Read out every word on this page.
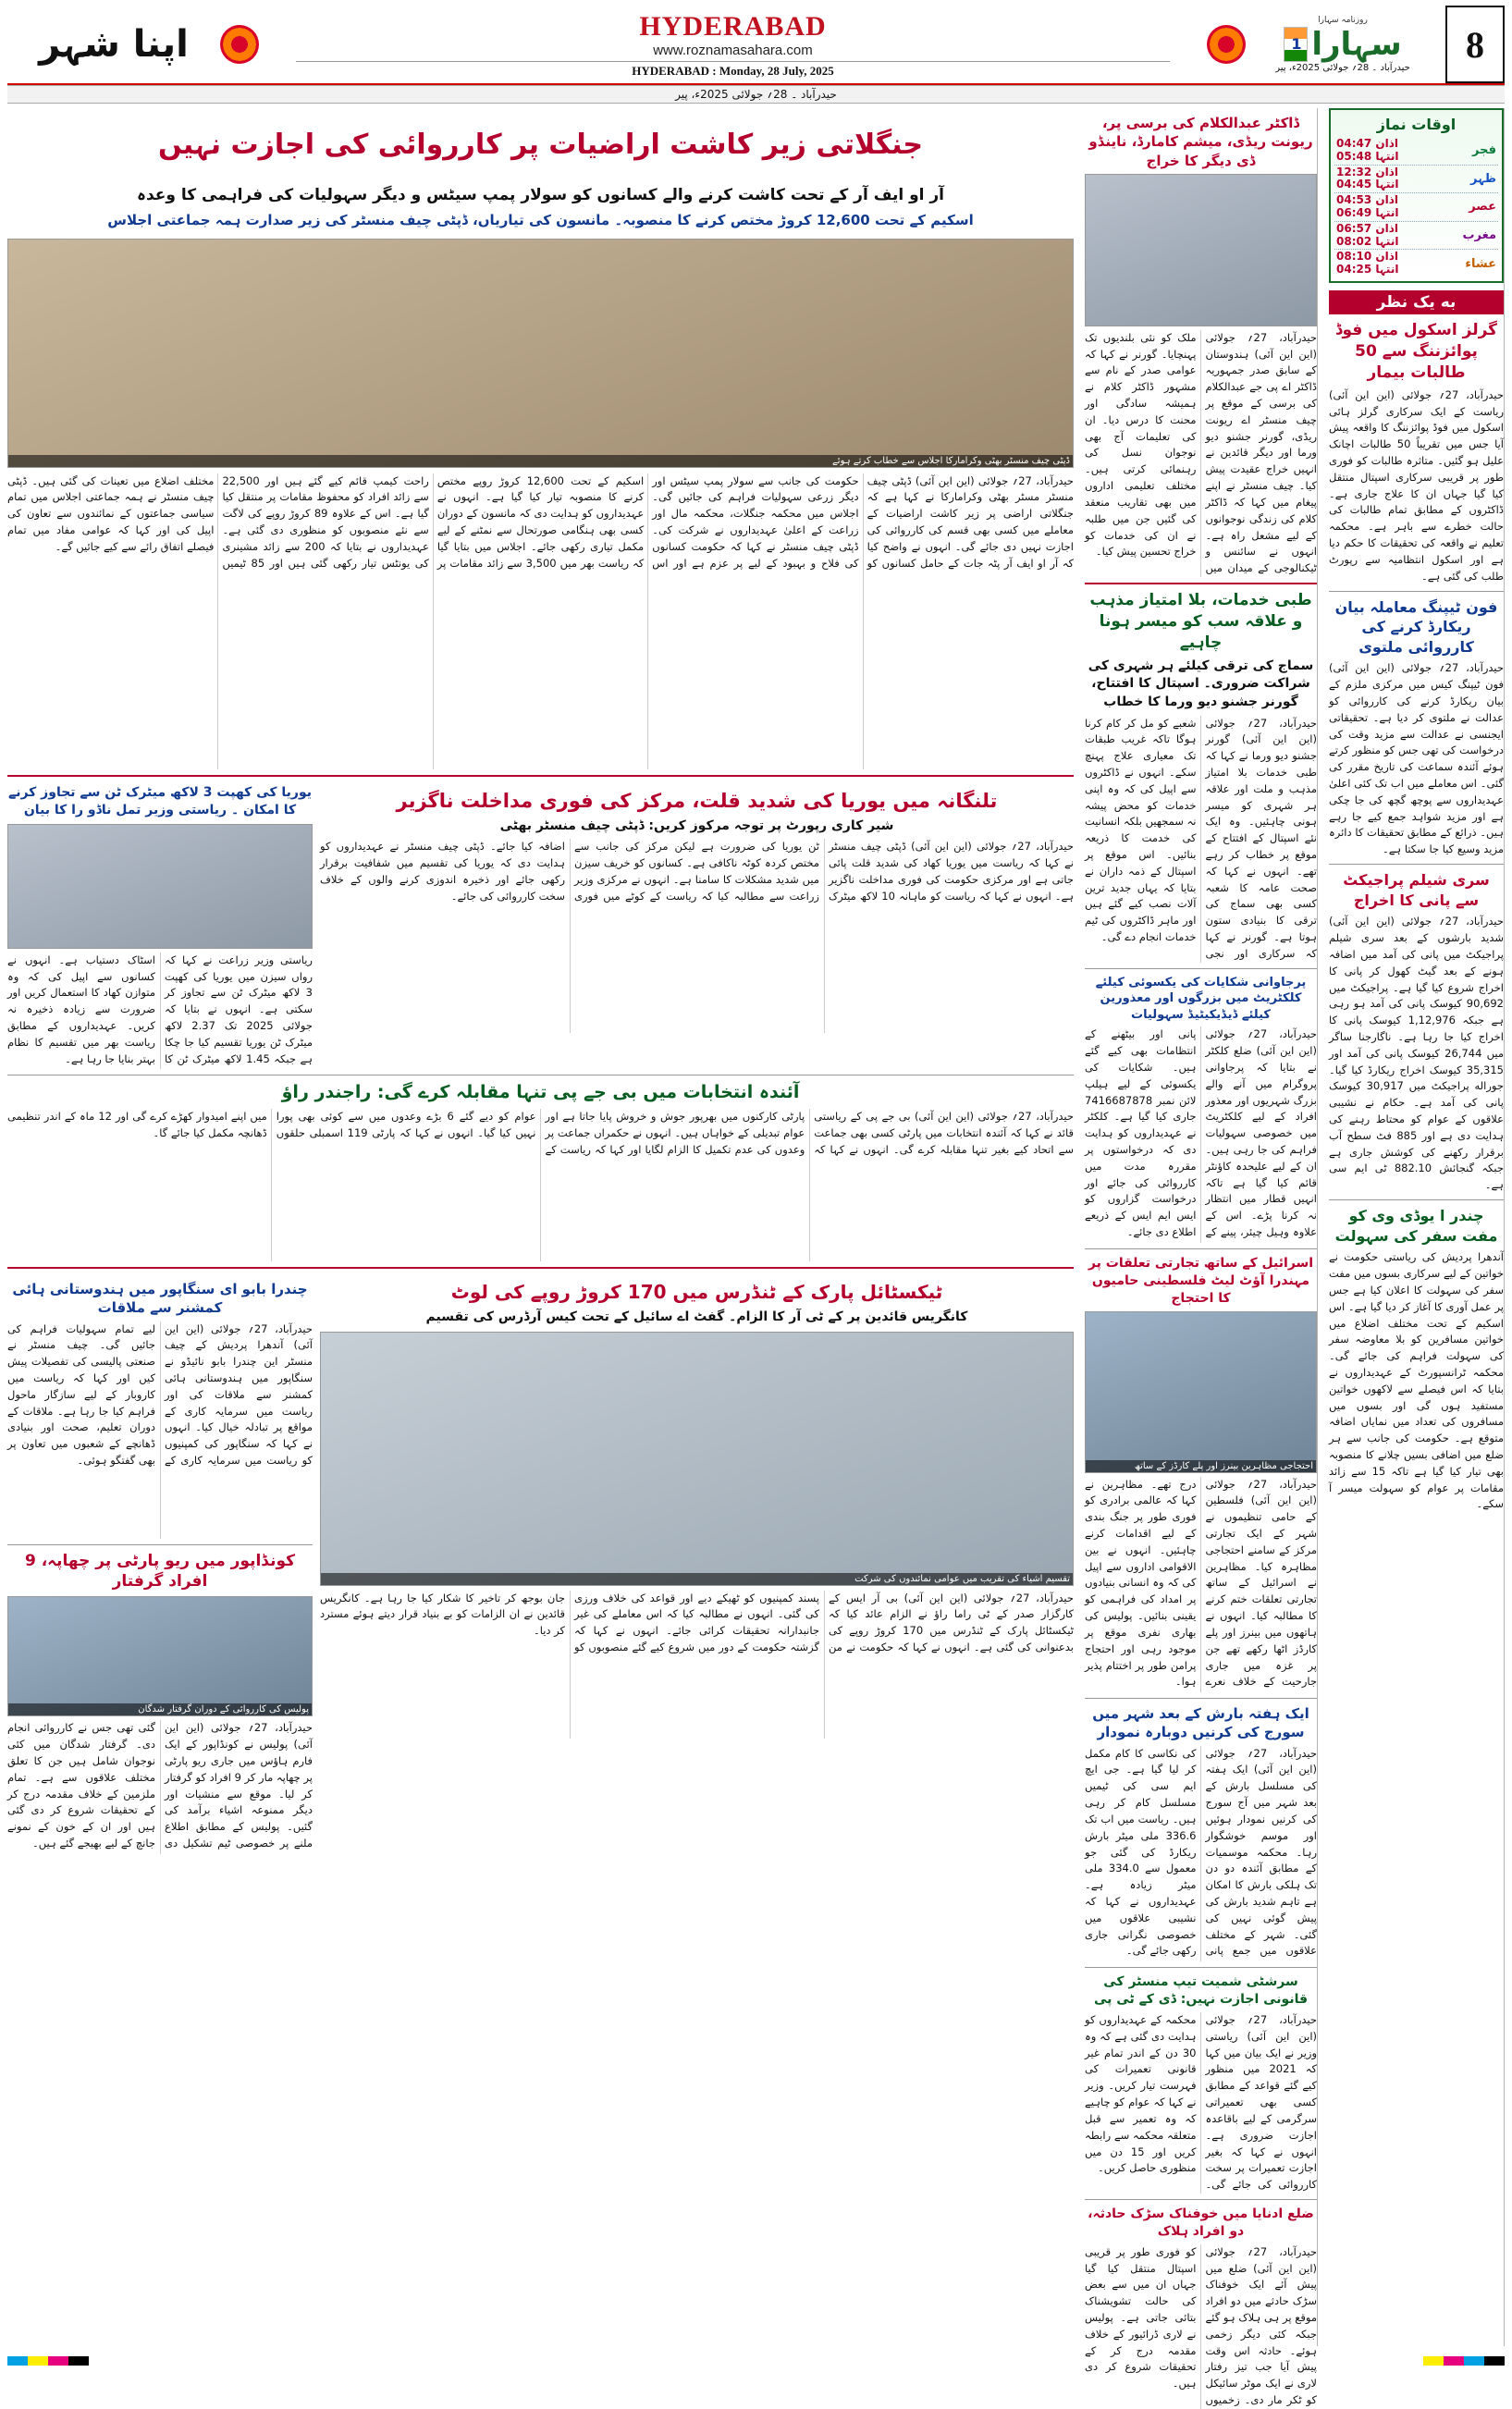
8
روزنامہ سہارا
سہارا
1
حیدرآباد ۔ 28؍ جولائی 2025ء، پیر
HYDERABAD
www.roznamasahara.com
HYDERABAD : Monday, 28 July, 2025
اپنا شہر
حیدرآباد ۔ 28؍ جولائی 2025ء، پیر
اوقات نماز
فجر
اذان 04:47
انتہا 05:48
ظہر
اذان 12:32
انتہا 04:45
عصر
اذان 04:53
انتہا 06:49
مغرب
اذان 06:57
انتہا 08:02
عشاء
اذان 08:10
انتہا 04:25
به یک نظر
گرلز اسکول میں فوڈ پوائزننگ سے 50 طالبات بیمار

حیدرآباد، 27؍ جولائی (این این آئی) ریاست کے ایک سرکاری گرلز ہائی اسکول میں فوڈ پوائزننگ کا واقعہ پیش آیا جس میں تقریباً 50 طالبات اچانک علیل ہو گئیں۔ متاثرہ طالبات کو فوری طور پر قریبی سرکاری اسپتال منتقل کیا گیا جہاں ان کا علاج جاری ہے۔ ڈاکٹروں کے مطابق تمام طالبات کی حالت خطرے سے باہر ہے۔ محکمہ تعلیم نے واقعہ کی تحقیقات کا حکم دیا ہے اور اسکول انتظامیہ سے رپورٹ طلب کی گئی ہے۔

فون ٹیپنگ معاملہ بیان ریکارڈ کرنے کی کارروائی ملتوی

حیدرآباد، 27؍ جولائی (این این آئی) فون ٹیپنگ کیس میں مرکزی ملزم کے بیان ریکارڈ کرنے کی کارروائی کو عدالت نے ملتوی کر دیا ہے۔ تحقیقاتی ایجنسی نے عدالت سے مزید وقت کی درخواست کی تھی جس کو منظور کرتے ہوئے آئندہ سماعت کی تاریخ مقرر کی گئی۔ اس معاملے میں اب تک کئی اعلیٰ عہدیداروں سے پوچھ گچھ کی جا چکی ہے اور مزید شواہد جمع کیے جا رہے ہیں۔ ذرائع کے مطابق تحقیقات کا دائرہ مزید وسیع کیا جا سکتا ہے۔

سری شیلم پراجیکٹ سے پانی کا اخراج

حیدرآباد، 27؍ جولائی (این این آئی) شدید بارشوں کے بعد سری شیلم پراجیکٹ میں پانی کی آمد میں اضافہ ہونے کے بعد گیٹ کھول کر پانی کا اخراج شروع کیا گیا ہے۔ پراجیکٹ میں 90,692 کیوسک پانی کی آمد ہو رہی ہے جبکہ 1,12,976 کیوسک پانی کا اخراج کیا جا رہا ہے۔ ناگارجنا ساگر میں 26,744 کیوسک پانی کی آمد اور 35,315 کیوسک اخراج ریکارڈ کیا گیا۔ جوراله پراجیکٹ میں 30,917 کیوسک پانی کی آمد ہے۔ حکام نے نشیبی علاقوں کے عوام کو محتاط رہنے کی ہدایت دی ہے اور 885 فٹ سطح آب برقرار رکھنے کی کوشش جاری ہے جبکہ گنجائش 882.10 ٹی ایم سی ہے۔

چندر ا یوڈی وی کو مفت سفر کی سہولت

آندھرا پردیش کی ریاستی حکومت نے خواتین کے لیے سرکاری بسوں میں مفت سفر کی سہولت کا اعلان کیا ہے جس پر عمل آوری کا آغاز کر دیا گیا ہے۔ اس اسکیم کے تحت مختلف اضلاع میں خواتین مسافرین کو بلا معاوضہ سفر کی سہولت فراہم کی جائے گی۔ محکمہ ٹرانسپورٹ کے عہدیداروں نے بتایا کہ اس فیصلے سے لاکھوں خواتین مستفید ہوں گی اور بسوں میں مسافروں کی تعداد میں نمایاں اضافہ متوقع ہے۔ حکومت کی جانب سے ہر ضلع میں اضافی بسیں چلانے کا منصوبہ بھی تیار کیا گیا ہے تاکہ 15 سے زائد مقامات پر عوام کو سہولت میسر آ سکے۔

ڈاکٹر عبدالکلام کی برسی پر، ریونت ریڈی، میشم کامارڈ، ناینڈو ڈی دیگر کا خراج

حیدرآباد، 27؍ جولائی (این این آئی) ہندوستان کے سابق صدر جمہوریہ ڈاکٹر اے پی جے عبدالکلام کی برسی کے موقع پر چیف منسٹر اے ریونت ریڈی، گورنر جشنو دیو ورما اور دیگر قائدین نے انہیں خراج عقیدت پیش کیا۔ چیف منسٹر نے اپنے پیغام میں کہا کہ ڈاکٹر کلام کی زندگی نوجوانوں کے لیے مشعل راہ ہے۔ انہوں نے سائنس و ٹیکنالوجی کے میدان میں ملک کو نئی بلندیوں تک پہنچایا۔ گورنر نے کہا کہ عوامی صدر کے نام سے مشہور ڈاکٹر کلام نے ہمیشہ سادگی اور محنت کا درس دیا۔ ان کی تعلیمات آج بھی نوجوان نسل کی رہنمائی کرتی ہیں۔ مختلف تعلیمی اداروں میں بھی تقاریب منعقد کی گئیں جن میں طلبہ نے ان کی خدمات کو خراج تحسین پیش کیا۔

طبی خدمات، بلا امتیاز مذہب و علاقہ سب کو میسر ہونا چاہیے
سماج کی ترقی کیلئے ہر شہری کی شراکت ضروری۔ اسپتال کا افتتاح، گورنر جشنو دیو ورما کا خطاب

حیدرآباد، 27؍ جولائی (این این آئی) گورنر جشنو دیو ورما نے کہا کہ طبی خدمات بلا امتیاز مذہب و ملت اور علاقہ ہر شہری کو میسر ہونی چاہئیں۔ وہ ایک نئے اسپتال کے افتتاح کے موقع پر خطاب کر رہے تھے۔ انہوں نے کہا کہ صحت عامہ کا شعبہ کسی بھی سماج کی ترقی کا بنیادی ستون ہوتا ہے۔ گورنر نے کہا کہ سرکاری اور نجی شعبے کو مل کر کام کرنا ہوگا تاکہ غریب طبقات تک معیاری علاج پہنچ سکے۔ انہوں نے ڈاکٹروں سے اپیل کی کہ وہ اپنی خدمات کو محض پیشہ نہ سمجھیں بلکہ انسانیت کی خدمت کا ذریعہ بنائیں۔ اس موقع پر اسپتال کے ذمہ داران نے بتایا کہ یہاں جدید ترین آلات نصب کیے گئے ہیں اور ماہر ڈاکٹروں کی ٹیم خدمات انجام دے گی۔

پرجاوانی شکایات کی یکسوئی کیلئے کلکٹریٹ میں بزرگوں اور معذورین کیلئے ڈیڈیکیٹیڈ سہولیات

حیدرآباد، 27؍ جولائی (این این آئی) ضلع کلکٹر نے بتایا کہ پرجاوانی پروگرام میں آنے والے بزرگ شہریوں اور معذور افراد کے لیے کلکٹریٹ میں خصوصی سہولیات فراہم کی جا رہی ہیں۔ ان کے لیے علیحدہ کاؤنٹر قائم کیا گیا ہے تاکہ انہیں قطار میں انتظار نہ کرنا پڑے۔ اس کے علاوہ وہیل چیئر، پینے کے پانی اور بیٹھنے کے انتظامات بھی کیے گئے ہیں۔ شکایات کی یکسوئی کے لیے ہیلپ لائن نمبر 7416687878 جاری کیا گیا ہے۔ کلکٹر نے عہدیداروں کو ہدایت دی کہ درخواستوں پر مقررہ مدت میں کارروائی کی جائے اور درخواست گزاروں کو ایس ایم ایس کے ذریعے اطلاع دی جائے۔

اسرائیل کے ساتھ تجارتی تعلقات پر مہندرا آؤٹ لیٹ فلسطینی حامیوں کا احتجاج
احتجاجی مظاہرین بینرز اور پلے کارڈز کے ساتھ

حیدرآباد، 27؍ جولائی (این این آئی) فلسطین کے حامی تنظیموں نے شہر کے ایک تجارتی مرکز کے سامنے احتجاجی مظاہرہ کیا۔ مظاہرین نے اسرائیل کے ساتھ تجارتی تعلقات ختم کرنے کا مطالبہ کیا۔ انہوں نے ہاتھوں میں بینرز اور پلے کارڈز اٹھا رکھے تھے جن پر غزہ میں جاری جارحیت کے خلاف نعرے درج تھے۔ مظاہرین نے کہا کہ عالمی برادری کو فوری طور پر جنگ بندی کے لیے اقدامات کرنے چاہئیں۔ انہوں نے بین الاقوامی اداروں سے اپیل کی کہ وہ انسانی بنیادوں پر امداد کی فراہمی کو یقینی بنائیں۔ پولیس کی بھاری نفری موقع پر موجود رہی اور احتجاج پرامن طور پر اختتام پذیر ہوا۔

ایک ہفتہ بارش کے بعد شہر میں سورج کی کرنیں دوبارہ نمودار

حیدرآباد، 27؍ جولائی (این این آئی) ایک ہفتہ کی مسلسل بارش کے بعد شہر میں آج سورج کی کرنیں نمودار ہوئیں اور موسم خوشگوار رہا۔ محکمہ موسمیات کے مطابق آئندہ دو دن تک ہلکی بارش کا امکان ہے تاہم شدید بارش کی پیش گوئی نہیں کی گئی۔ شہر کے مختلف علاقوں میں جمع پانی کی نکاسی کا کام مکمل کر لیا گیا ہے۔ جی ایچ ایم سی کی ٹیمیں مسلسل کام کر رہی ہیں۔ ریاست میں اب تک 336.6 ملی میٹر بارش ریکارڈ کی گئی جو معمول سے 334.0 ملی میٹر زیادہ ہے۔ عہدیداروں نے کہا کہ نشیبی علاقوں میں خصوصی نگرانی جاری رکھی جائے گی۔

سرشٹی شمیت تیپ منسٹر کی قانونی اجازت نہیں: ڈی کے ٹی پی

حیدرآباد، 27؍ جولائی (این این آئی) ریاستی وزیر نے ایک بیان میں کہا کہ 2021 میں منظور کیے گئے قواعد کے مطابق کسی بھی تعمیراتی سرگرمی کے لیے باقاعدہ اجازت ضروری ہے۔ انہوں نے کہا کہ بغیر اجازت تعمیرات پر سخت کارروائی کی جائے گی۔ محکمہ کے عہدیداروں کو ہدایت دی گئی ہے کہ وہ 30 دن کے اندر تمام غیر قانونی تعمیرات کی فہرست تیار کریں۔ وزیر نے کہا کہ عوام کو چاہیے کہ وہ تعمیر سے قبل متعلقہ محکمہ سے رابطہ کریں اور 15 دن میں منظوری حاصل کریں۔

ضلع ادنایا میں خوفناک سڑک حادثہ، دو افراد ہلاک

حیدرآباد، 27؍ جولائی (این این آئی) ضلع میں پیش آئے ایک خوفناک سڑک حادثے میں دو افراد موقع پر ہی ہلاک ہو گئے جبکہ کئی دیگر زخمی ہوئے۔ حادثہ اس وقت پیش آیا جب تیز رفتار لاری نے ایک موٹر سائیکل کو ٹکر مار دی۔ زخمیوں کو فوری طور پر قریبی اسپتال منتقل کیا گیا جہاں ان میں سے بعض کی حالت تشویشناک بتائی جاتی ہے۔ پولیس نے لاری ڈرائیور کے خلاف مقدمہ درج کر کے تحقیقات شروع کر دی ہیں۔

جنگلاتی زیر کاشت اراضیات پر کارروائی کی اجازت نہیں
آر او ایف آر کے تحت کاشت کرنے والے کسانوں کو سولار پمپ سیٹس و دیگر سہولیات کی فراہمی کا وعدہ
اسکیم کے تحت 12,600 کروڑ مختص کرنے کا منصوبہ۔ مانسون کی تیاریاں، ڈپٹی چیف منسٹر کی زیر صدارت ہمہ جماعتی اجلاس
ڈپٹی چیف منسٹر بھٹی وکرامارکا اجلاس سے خطاب کرتے ہوئے

حیدرآباد، 27؍ جولائی (این این آئی) ڈپٹی چیف منسٹر مسٹر بھٹی وکرامارکا نے کہا ہے کہ جنگلاتی اراضی پر زیر کاشت اراضیات کے معاملے میں کسی بھی قسم کی کارروائی کی اجازت نہیں دی جائے گی۔ انہوں نے واضح کیا کہ آر او ایف آر پٹہ جات کے حامل کسانوں کو حکومت کی جانب سے سولار پمپ سیٹس اور دیگر زرعی سہولیات فراہم کی جائیں گی۔ اجلاس میں محکمہ جنگلات، محکمہ مال اور زراعت کے اعلیٰ عہدیداروں نے شرکت کی۔ ڈپٹی چیف منسٹر نے کہا کہ حکومت کسانوں کی فلاح و بہبود کے لیے پر عزم ہے اور اس اسکیم کے تحت 12,600 کروڑ روپے مختص کرنے کا منصوبہ تیار کیا گیا ہے۔ انہوں نے عہدیداروں کو ہدایت دی کہ مانسون کے دوران کسی بھی ہنگامی صورتحال سے نمٹنے کے لیے مکمل تیاری رکھی جائے۔ اجلاس میں بتایا گیا کہ ریاست بھر میں 3,500 سے زائد مقامات پر راحت کیمپ قائم کیے گئے ہیں اور 22,500 سے زائد افراد کو محفوظ مقامات پر منتقل کیا گیا ہے۔ اس کے علاوہ 89 کروڑ روپے کی لاگت سے نئے منصوبوں کو منظوری دی گئی ہے۔ عہدیداروں نے بتایا کہ 200 سے زائد مشینری کی یونٹس تیار رکھی گئی ہیں اور 85 ٹیمیں مختلف اضلاع میں تعینات کی گئی ہیں۔ ڈپٹی چیف منسٹر نے ہمہ جماعتی اجلاس میں تمام سیاسی جماعتوں کے نمائندوں سے تعاون کی اپیل کی اور کہا کہ عوامی مفاد میں تمام فیصلے اتفاق رائے سے کیے جائیں گے۔

تلنگانہ میں یوریا کی شدید قلت، مرکز کی فوری مداخلت ناگزیر
شیر کاری رپورٹ پر توجہ مرکوز کریں: ڈپٹی چیف منسٹر بھٹی

حیدرآباد، 27؍ جولائی (این این آئی) ڈپٹی چیف منسٹر نے کہا کہ ریاست میں یوریا کھاد کی شدید قلت پائی جاتی ہے اور مرکزی حکومت کی فوری مداخلت ناگزیر ہے۔ انہوں نے کہا کہ ریاست کو ماہانہ 10 لاکھ میٹرک ٹن یوریا کی ضرورت ہے لیکن مرکز کی جانب سے مختص کردہ کوٹہ ناکافی ہے۔ کسانوں کو خریف سیزن میں شدید مشکلات کا سامنا ہے۔ انہوں نے مرکزی وزیر زراعت سے مطالبہ کیا کہ ریاست کے کوٹے میں فوری اضافہ کیا جائے۔ ڈپٹی چیف منسٹر نے عہدیداروں کو ہدایت دی کہ یوریا کی تقسیم میں شفافیت برقرار رکھی جائے اور ذخیرہ اندوزی کرنے والوں کے خلاف سخت کارروائی کی جائے۔

یوریا کی کھپت 3 لاکھ میٹرک ٹن سے تجاوز کرنے کا امکان ۔ ریاستی وزیر تمل ناڈو را کا بیان

ریاستی وزیر زراعت نے کہا کہ رواں سیزن میں یوریا کی کھپت 3 لاکھ میٹرک ٹن سے تجاوز کر سکتی ہے۔ انہوں نے بتایا کہ جولائی 2025 تک 2.37 لاکھ میٹرک ٹن یوریا تقسیم کیا جا چکا ہے جبکہ 1.45 لاکھ میٹرک ٹن کا اسٹاک دستیاب ہے۔ انہوں نے کسانوں سے اپیل کی کہ وہ متوازن کھاد کا استعمال کریں اور ضرورت سے زیادہ ذخیرہ نہ کریں۔ عہدیداروں کے مطابق ریاست بھر میں تقسیم کا نظام بہتر بنایا جا رہا ہے۔

آئندہ انتخابات میں بی جے پی تنہا مقابلہ کرے گی: راجندر راؤ

حیدرآباد، 27؍ جولائی (این این آئی) بی جے پی کے ریاستی قائد نے کہا کہ آئندہ انتخابات میں پارٹی کسی بھی جماعت سے اتحاد کیے بغیر تنہا مقابلہ کرے گی۔ انہوں نے کہا کہ پارٹی کارکنوں میں بھرپور جوش و خروش پایا جاتا ہے اور عوام تبدیلی کے خواہاں ہیں۔ انہوں نے حکمراں جماعت پر وعدوں کی عدم تکمیل کا الزام لگایا اور کہا کہ ریاست کے عوام کو دیے گئے 6 بڑے وعدوں میں سے کوئی بھی پورا نہیں کیا گیا۔ انہوں نے کہا کہ پارٹی 119 اسمبلی حلقوں میں اپنے امیدوار کھڑے کرے گی اور 12 ماہ کے اندر تنظیمی ڈھانچہ مکمل کیا جائے گا۔

ٹیکسٹائل پارک کے ٹنڈرس میں 170 کروڑ روپے کی لوٹ
کانگریس قائدین پر کے ٹی آر کا الزام۔ گفٹ اے سائیل کے تحت کیس آرڈرس کی تقسیم
تقسیم اشیاء کی تقریب میں عوامی نمائندوں کی شرکت

حیدرآباد، 27؍ جولائی (این این آئی) بی آر ایس کے کارگزار صدر کے ٹی راما راؤ نے الزام عائد کیا کہ ٹیکسٹائل پارک کے ٹنڈرس میں 170 کروڑ روپے کی بدعنوانی کی گئی ہے۔ انہوں نے کہا کہ حکومت نے من پسند کمپنیوں کو ٹھیکے دیے اور قواعد کی خلاف ورزی کی گئی۔ انہوں نے مطالبہ کیا کہ اس معاملے کی غیر جانبدارانہ تحقیقات کرائی جائے۔ انہوں نے کہا کہ گزشتہ حکومت کے دور میں شروع کیے گئے منصوبوں کو جان بوجھ کر تاخیر کا شکار کیا جا رہا ہے۔ کانگریس قائدین نے ان الزامات کو بے بنیاد قرار دیتے ہوئے مسترد کر دیا۔

چندرا بابو ای سنگاپور میں ہندوستانی ہائی کمشنر سے ملاقات

حیدرآباد، 27؍ جولائی (این این آئی) آندھرا پردیش کے چیف منسٹر این چندرا بابو نائیڈو نے سنگاپور میں ہندوستانی ہائی کمشنر سے ملاقات کی اور ریاست میں سرمایہ کاری کے مواقع پر تبادلہ خیال کیا۔ انہوں نے کہا کہ سنگاپور کی کمپنیوں کو ریاست میں سرمایہ کاری کے لیے تمام سہولیات فراہم کی جائیں گی۔ چیف منسٹر نے صنعتی پالیسی کی تفصیلات پیش کیں اور کہا کہ ریاست میں کاروبار کے لیے سازگار ماحول فراہم کیا جا رہا ہے۔ ملاقات کے دوران تعلیم، صحت اور بنیادی ڈھانچے کے شعبوں میں تعاون پر بھی گفتگو ہوئی۔

کونڈاپور میں ریو پارٹی پر چھاپہ، 9 افراد گرفتار
پولیس کی کارروائی کے دوران گرفتار شدگان

حیدرآباد، 27؍ جولائی (این این آئی) پولیس نے کونڈاپور کے ایک فارم ہاؤس میں جاری ریو پارٹی پر چھاپہ مار کر 9 افراد کو گرفتار کر لیا۔ موقع سے منشیات اور دیگر ممنوعہ اشیاء برآمد کی گئیں۔ پولیس کے مطابق اطلاع ملنے پر خصوصی ٹیم تشکیل دی گئی تھی جس نے کارروائی انجام دی۔ گرفتار شدگان میں کئی نوجوان شامل ہیں جن کا تعلق مختلف علاقوں سے ہے۔ تمام ملزمین کے خلاف مقدمہ درج کر کے تحقیقات شروع کر دی گئی ہیں اور ان کے خون کے نمونے جانچ کے لیے بھیجے گئے ہیں۔
